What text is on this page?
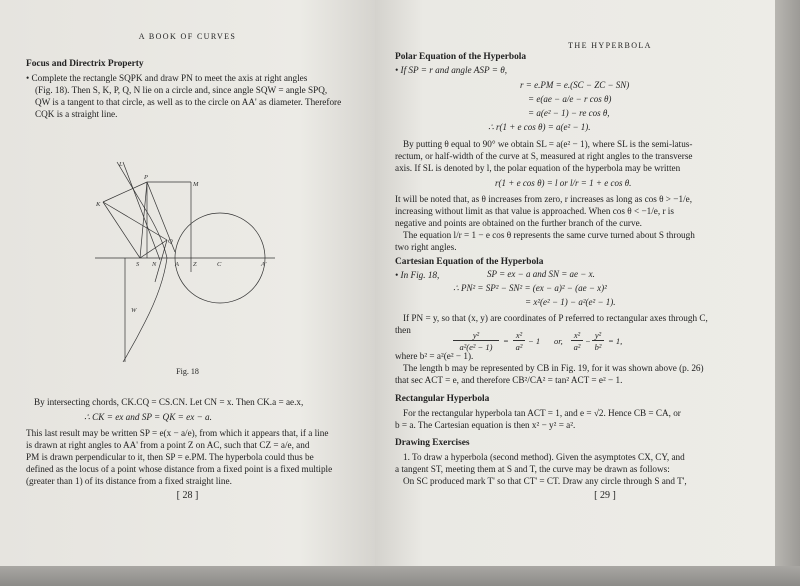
A BOOK OF CURVES
Focus and Directrix Property
• Complete the rectangle SQPK and draw PN to meet the axis at right angles
(Fig. 18). Then S, K, P, Q, N lie on a circle and, since angle SQW = angle SPQ,
QW is a tangent to that circle, as well as to the circle on AA' as diameter. Therefore
CQK is a straight line.
L
P
M
K
Q
S N	A Z	C	A'
W
Fig. 18
By intersecting chords, CK.CQ = CS.CN. Let CN = x. Then CK.a = ae.x,
∴ CK = ex and SP = QK = ex − a.
This last result may be written SP = e(x − a/e), from which it appears that, if a line
is drawn at right angles to AA' from a point Z on AC, such that CZ = a/e, and
PM is drawn perpendicular to it, then SP = e.PM. The hyperbola could thus be
defined as the locus of a point whose distance from a fixed point is a fixed multiple
(greater than 1) of its distance from a fixed straight line.
[ 28 ]
THE HYPERBOLA
Polar Equation of the Hyperbola
• If SP = r and angle ASP = θ,
r = e.PM = e.(SC − ZC − SN)
= e(ae − a/e − r cos θ)
= a(e² − 1) − re cos θ,
∴ r(1 + e cos θ) = a(e² − 1).
By putting θ equal to 90° we obtain SL = a(e² − 1), where SL is the semi-latus-
rectum, or half-width of the curve at S, measured at right angles to the transverse
axis. If SL is denoted by l, the polar equation of the hyperbola may be written
r(1 + e cos θ) = l or l/r = 1 + e cos θ.
It will be noted that, as θ increases from zero, r increases as long as cos θ > −1/e,
increasing without limit as that value is approached. When cos θ < −1/e, r is
negative and points are obtained on the further branch of the curve.
The equation l/r = 1 − e cos θ represents the same curve turned about S through
two right angles.
Cartesian Equation of the Hyperbola
• In Fig. 18,	SP = ex − a and SN = ae − x.
∴ PN² = SP² − SN² = (ex − a)² − (ae − x)²
= x²(e² − 1) − a²(e² − 1).
If PN = y, so that (x, y) are coordinates of P referred to rectangular axes through C,
then	y²
a²(e² − 1)
=
x²
a²
− 1 or,
x²
a²
−
y²
b²
= 1,
where b² = a²(e² − 1).
The length b may be represented by CB in Fig. 19, for it was shown above (p. 26)
that sec ACT = e, and therefore CB²/CA² = tan² ACT = e² − 1.
Rectangular Hyperbola
For the rectangular hyperbola tan ACT = 1, and e = √2. Hence CB = CA, or
b = a. The Cartesian equation is then x² − y² = a².
Drawing Exercises
1. To draw a hyperbola (second method). Given the asymptotes CX, CY, and
a tangent ST, meeting them at S and T, the curve may be drawn as follows:
On SC produced mark T' so that CT' = CT. Draw any circle through S and T',
[ 29 ]
